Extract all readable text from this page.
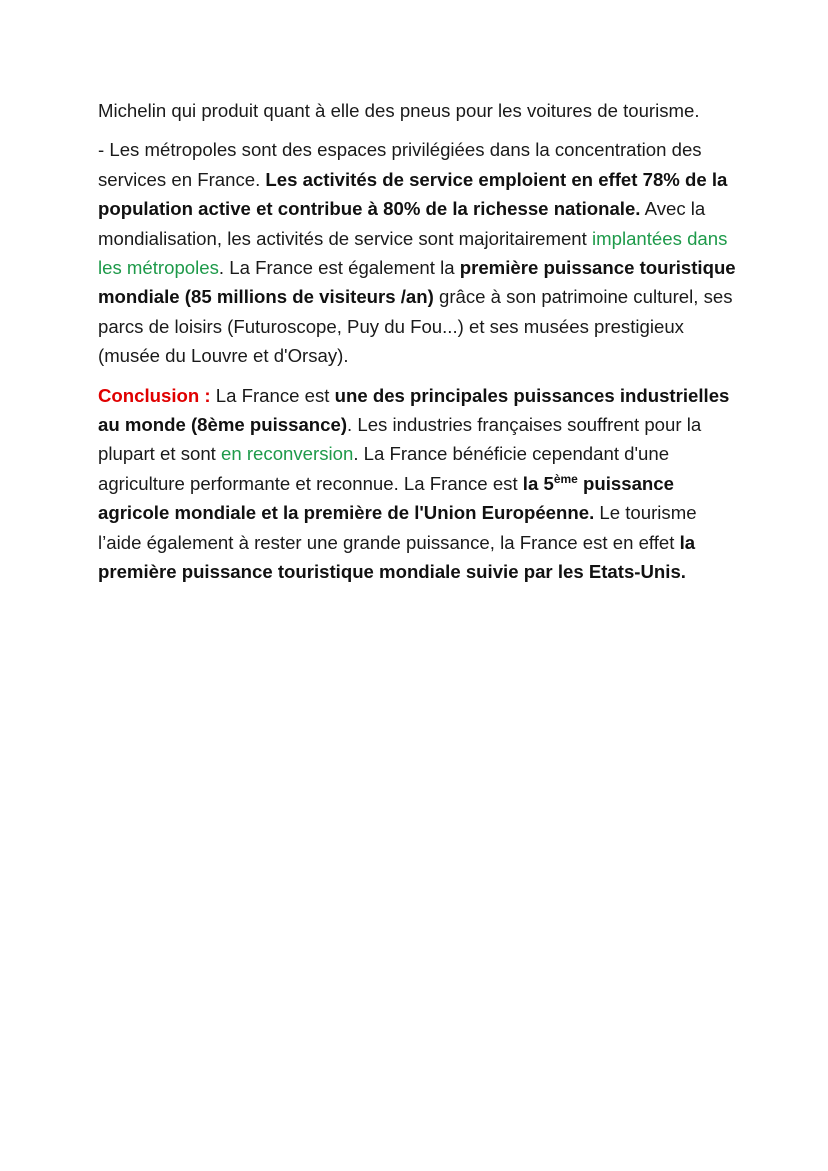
Michelin qui produit quant à elle des pneus pour les voitures de tourisme.

- Les métropoles sont des espaces privilégiées dans la concentration des services en France. Les activités de service emploient en effet 78% de la population active et contribue à 80% de la richesse nationale. Avec la mondialisation, les activités de service sont majoritairement implantées dans les métropoles. La France est également la première puissance touristique mondiale (85 millions de visiteurs /an) grâce à son patrimoine culturel, ses parcs de loisirs (Futuroscope, Puy du Fou...) et ses musées prestigieux (musée du Louvre et d'Orsay).

Conclusion : La France est une des principales puissances industrielles au monde (8ème puissance). Les industries françaises souffrent pour la plupart et sont en reconversion. La France bénéficie cependant d'une agriculture performante et reconnue. La France est la 5ème puissance agricole mondiale et la première de l'Union Européenne. Le tourisme l’aide également à rester une grande puissance, la France est en effet la première puissance touristique mondiale suivie par les Etats-Unis.
